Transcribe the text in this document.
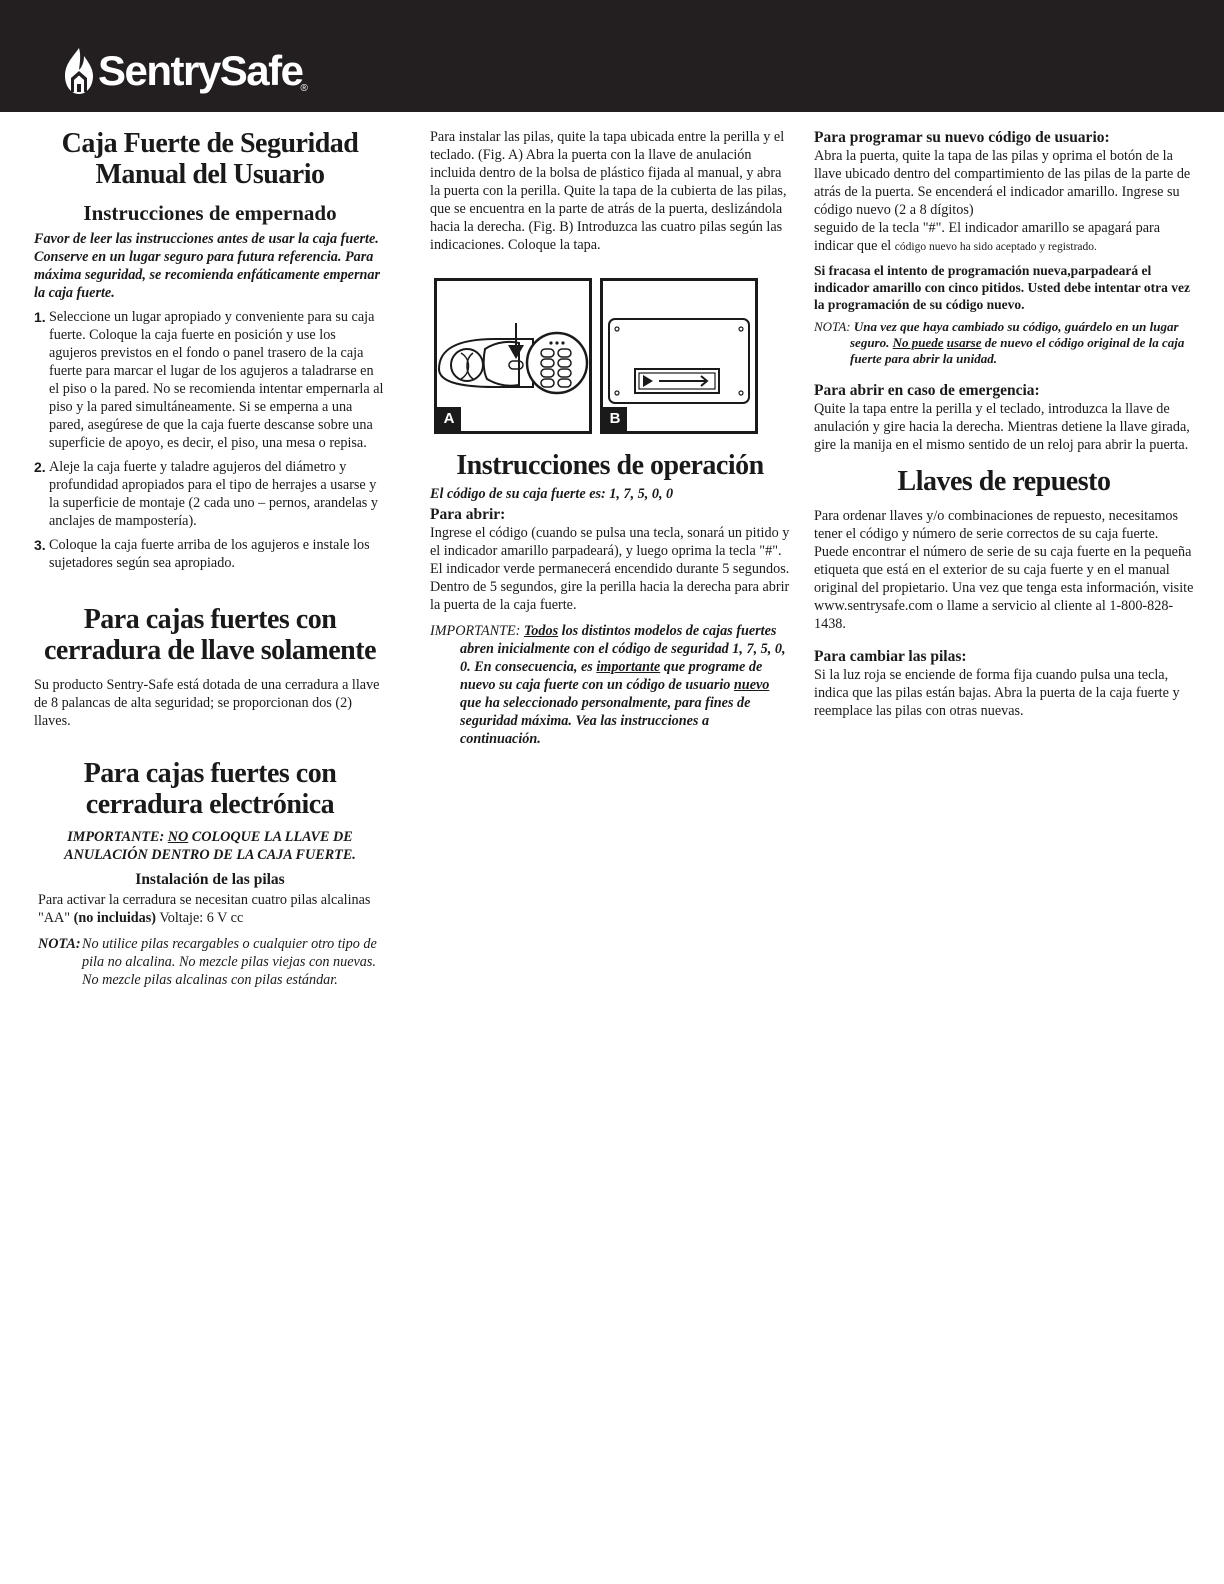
SentrySafe
®

Caja Fuerte de Seguridad

Manual del Usuario

Instrucciones de empernado

Favor de leer las instrucciones antes de usar la caja fuerte. Conserve en un lugar seguro para futura referencia. Para máxima seguridad, se recomienda enfáticamente empernar la caja fuerte.

1. Seleccione un lugar apropiado y conveniente para su caja fuerte. Coloque la caja fuerte en posición y use los agujeros previstos en el fondo o panel trasero de la caja fuerte para marcar el lugar de los agujeros a taladrarse en el piso o la pared. No se recomienda intentar empernarla al piso y la pared simultáneamente. Si se emperna a una pared, asegúrese de que la caja fuerte descanse sobre una superficie de apoyo, es decir, el piso, una mesa o repisa.
2. Aleje la caja fuerte y taladre agujeros del diámetro y profundidad apropiados para el tipo de herrajes a usarse y la superficie de montaje (2 cada uno – pernos, arandelas y anclajes de mampostería).
3. Coloque la caja fuerte arriba de los agujeros e instale los sujetadores según sea apropiado.

Para cajas fuertes con

cerradura de llave solamente

Su producto Sentry-Safe está dotada de una cerradura a llave de 8 palancas de alta seguridad; se proporcionan dos (2) llaves.

Para cajas fuertes con

cerradura electrónica

IMPORTANTE: NO COLOQUE LA LLAVE DE ANULACIÓN DENTRO DE LA CAJA FUERTE.

Instalación de las pilas

Para activar la cerradura se necesitan cuatro pilas alcalinas "AA" (no incluidas) Voltaje: 6 V cc

NOTA: No utilice pilas recargables o cualquier otro tipo de pila no alcalina. No mezcle pilas viejas con nuevas. No mezcle pilas alcalinas con pilas estándar.

Para instalar las pilas, quite la tapa ubicada entre la perilla y el teclado. (Fig. A) Abra la puerta con la llave de anulación incluida dentro de la bolsa de plástico fijada al manual, y abra la puerta con la perilla. Quite la tapa de la cubierta de las pilas, que se encuentra en la parte de atrás de la puerta, deslizándola hacia la derecha. (Fig. B) Introduzca las cuatro pilas según las indicaciones. Coloque la tapa.

A	B

Instrucciones de operación

El código de su caja fuerte es: 1, 7, 5, 0, 0

Para abrir:

Ingrese el código (cuando se pulsa una tecla, sonará un pitido y el indicador amarillo parpadeará), y luego oprima la tecla "#". El indicador verde permanecerá encendido durante 5 segundos. Dentro de 5 segundos, gire la perilla hacia la derecha para abrir la puerta de la caja fuerte.

IMPORTANTE: Todos los distintos modelos de cajas fuertes abren inicialmente con el código de seguridad 1, 7, 5, 0, 0. En consecuencia, es importante que programe de nuevo su caja fuerte con un código de usuario nuevo que ha seleccionado personalmente, para fines de seguridad máxima. Vea las instrucciones a continuación.

Para programar su nuevo código de usuario:

Abra la puerta, quite la tapa de las pilas y oprima el botón de la llave ubicado dentro del compartimiento de las pilas de la parte de atrás de la puerta. Se encenderá el indicador amarillo. Ingrese su código nuevo (2 a 8 dígitos)

seguido de la tecla "#". El indicador amarillo se apagará para indicar que el código nuevo ha sido aceptado y registrado.

Si fracasa el intento de programación nueva,parpadeará el indicador amarillo con cinco pitidos. Usted debe intentar otra vez la programación de su código nuevo.

NOTA: Una vez que haya cambiado su código, guárdelo en un lugar seguro. No puede usarse de nuevo el código original de la caja fuerte para abrir la unidad.

Para abrir en caso de emergencia:

Quite la tapa entre la perilla y el teclado, introduzca la llave de anulación y gire hacia la derecha. Mientras detiene la llave girada, gire la manija en el mismo sentido de un reloj para abrir la puerta.

Llaves de repuesto

Para ordenar llaves y/o combinaciones de repuesto, necesitamos tener el código y número de serie correctos de su caja fuerte. Puede encontrar el número de serie de su caja fuerte en la pequeña etiqueta que está en el exterior de su caja fuerte y en el manual original del propietario. Una vez que tenga esta información, visite www.sentrysafe.com o llame a servicio al cliente al 1-800-828-1438.

Para cambiar las pilas:

Si la luz roja se enciende de forma fija cuando pulsa una tecla, indica que las pilas están bajas. Abra la puerta de la caja fuerte y reemplace las pilas con otras nuevas.
